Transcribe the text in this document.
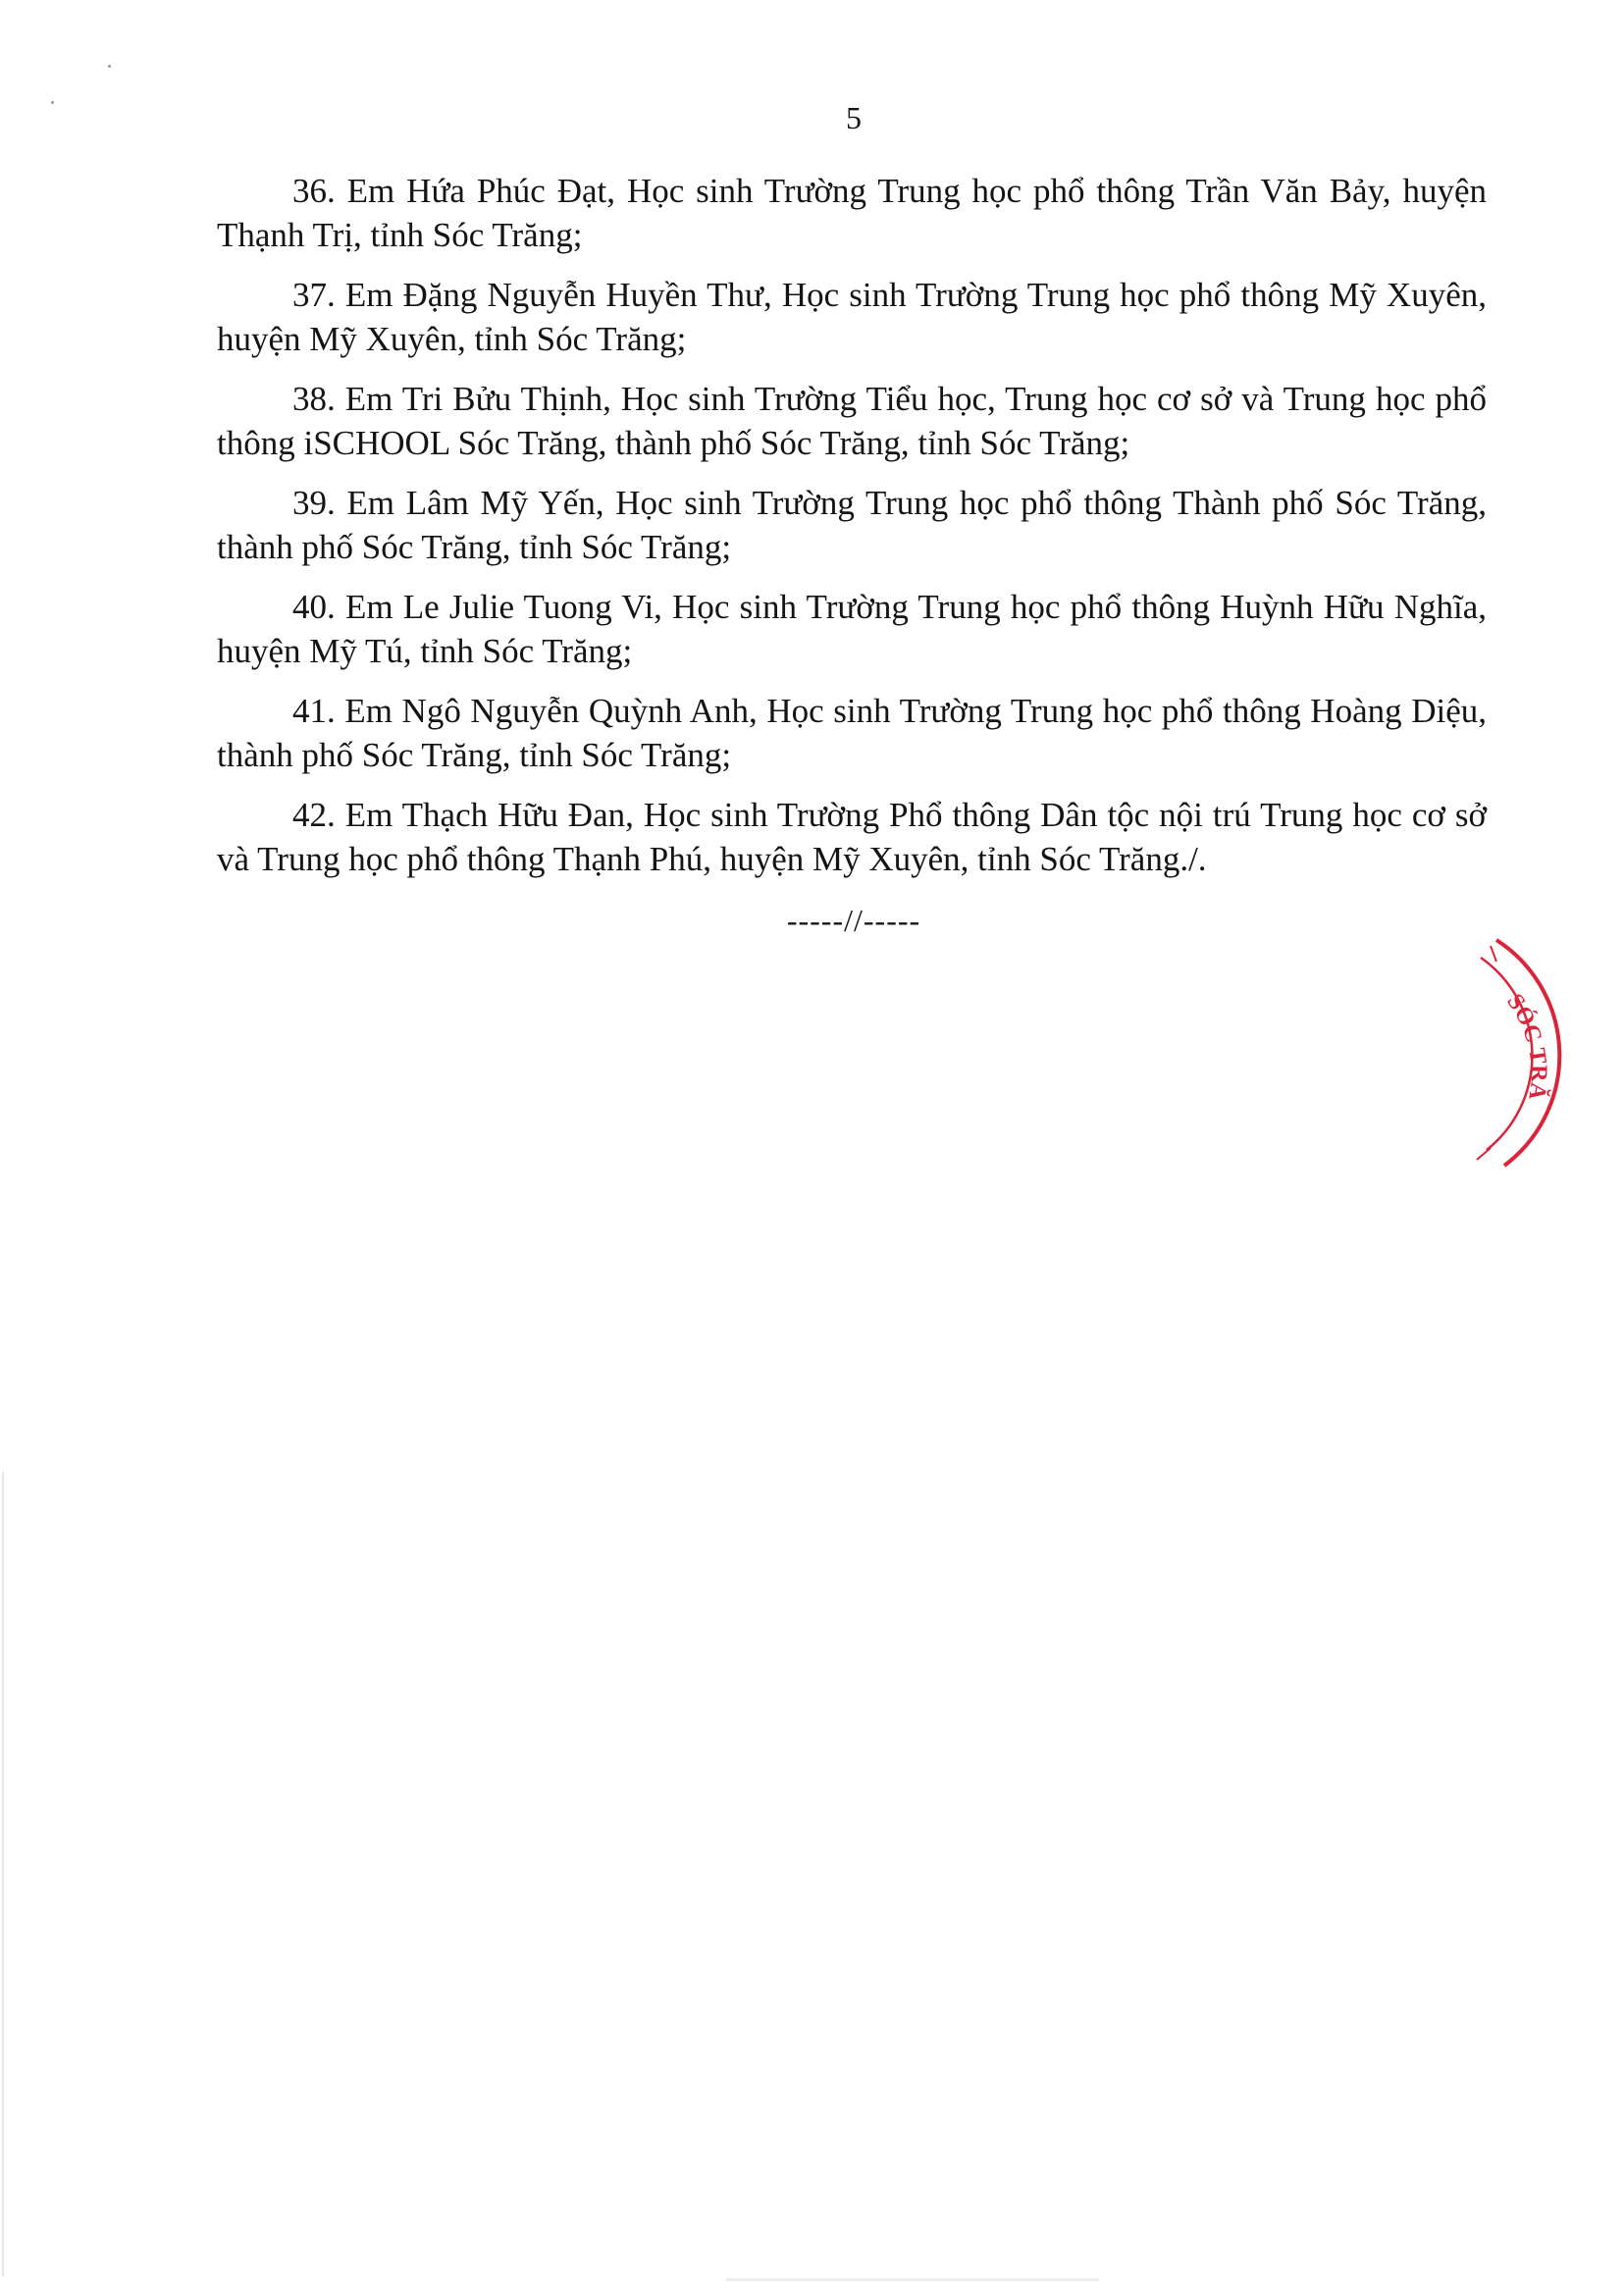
5

36. Em Hứa Phúc Đạt, Học sinh Trường Trung học phổ thông Trần Văn Bảy, huyện Thạnh Trị, tỉnh Sóc Trăng;

37. Em Đặng Nguyễn Huyền Thư, Học sinh Trường Trung học phổ thông Mỹ Xuyên, huyện Mỹ Xuyên, tỉnh Sóc Trăng;

38. Em Tri Bửu Thịnh, Học sinh Trường Tiểu học, Trung học cơ sở và Trung học phổ thông iSCHOOL Sóc Trăng, thành phố Sóc Trăng, tỉnh Sóc Trăng;

39. Em Lâm Mỹ Yến, Học sinh Trường Trung học phổ thông Thành phố Sóc Trăng, thành phố Sóc Trăng, tỉnh Sóc Trăng;

40. Em Le Julie Tuong Vi, Học sinh Trường Trung học phổ thông Huỳnh Hữu Nghĩa, huyện Mỹ Tú, tỉnh Sóc Trăng;

41. Em Ngô Nguyễn Quỳnh Anh, Học sinh Trường Trung học phổ thông Hoàng Diệu, thành phố Sóc Trăng, tỉnh Sóc Trăng;

42. Em Thạch Hữu Đan, Học sinh Trường Phổ thông Dân tộc nội trú Trung học cơ sở và Trung học phổ thông Thạnh Phú, huyện Mỹ Xuyên, tỉnh Sóc Trăng./.

-----//-----
SÓC TRĂ
